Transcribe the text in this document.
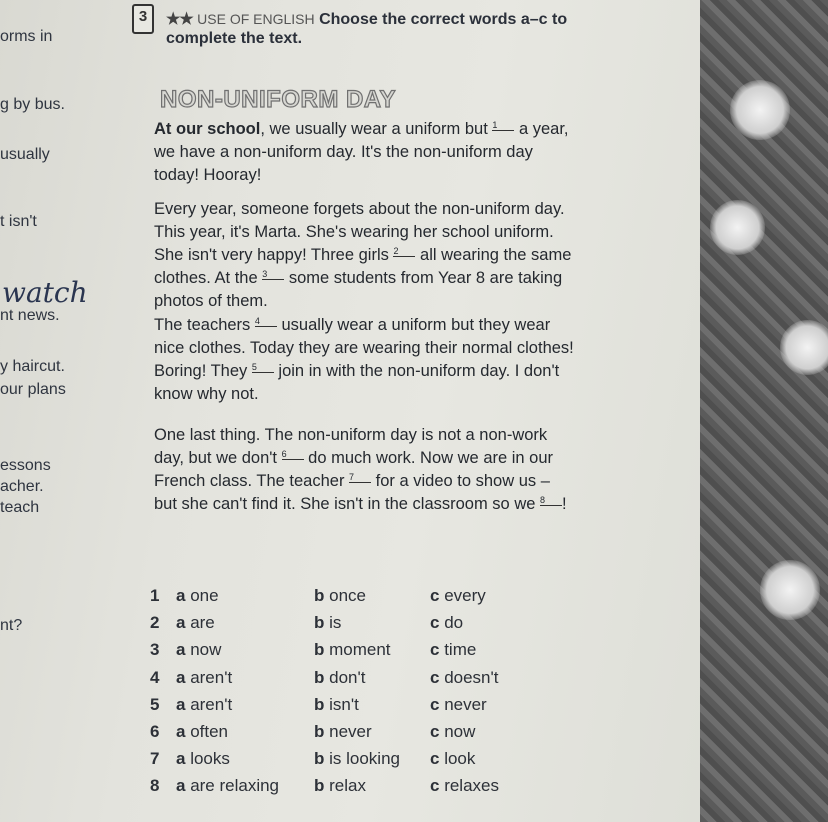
orms in
g by bus.
usually
t isn't
nt news.
y haircut.
our plans
essons
acher.
teach
nt?
watch
3	★★ USE OF ENGLISH Choose the correct words a–c to complete the text.
NON-UNIFORM DAY
At our school, we usually wear a uniform but 1 a year, we have a non-uniform day. It's the non-uniform day today! Hooray!
Every year, someone forgets about the non-uniform day. This year, it's Marta. She's wearing her school uniform. She isn't very happy! Three girls 2 all wearing the same clothes. At the 3 some students from Year 8 are taking photos of them.
The teachers 4 usually wear a uniform but they wear nice clothes. Today they are wearing their normal clothes! Boring! They 5 join in with the non-uniform day. I don't know why not.
One last thing. The non-uniform day is not a non-work day, but we don't 6 do much work. Now we are in our French class. The teacher 7 for a video to show us – but she can't find it. She isn't in the classroom so we 8 !
1 a one	b once	c every
2 a are	b is	c do
3 a now	b moment c time
4 a aren't	b don't	c doesn't
5 a aren't	b isn't	c never
6 a often	b never	c now
7 a looks	b is looking c look
8 a are relaxing b relax	c relaxes
